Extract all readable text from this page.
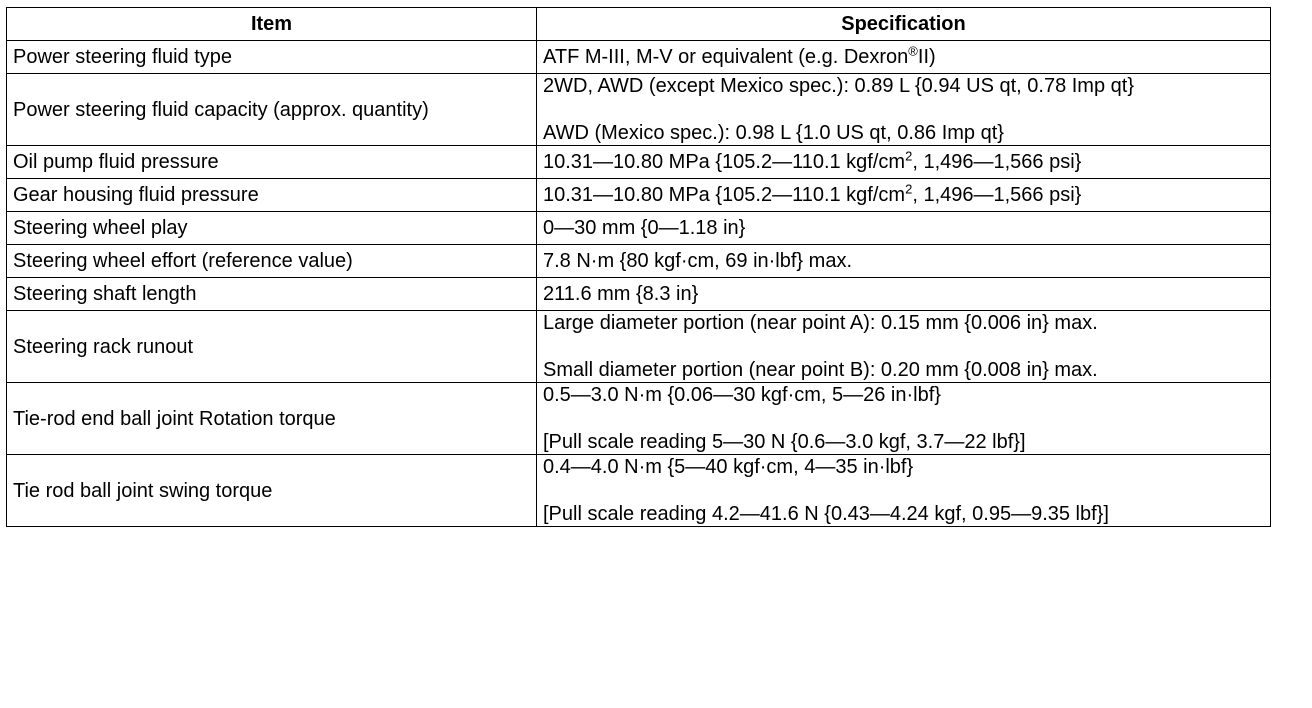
Item	Specification
Power steering fluid type	ATF M-III, M-V or equivalent (e.g. Dexron®II)

Power steering fluid capacity (approx. quantity)	2WD, AWD (except Mexico spec.): 0.89 L {0.94 US qt, 0.78 Imp qt}
AWD (Mexico spec.): 0.98 L {1.0 US qt, 0.86 Imp qt}

Oil pump fluid pressure	10.31—10.80 MPa {105.2—110.1 kgf/$cm^2$, 1,496—1,566 psi}

Gear housing fluid pressure	10.31—10.80 MPa {105.2—110.1 kgf/$cm^2$, 1,496—1,566 psi}

Steering wheel play	0—30 mm {0—1.18 in}

Steering wheel effort (reference value)	7.8 N·m {80 kgf·cm, 69 in·lbf} max.

Steering shaft length	211.6 mm {8.3 in}

Steering rack runout	Large diameter portion (near point A): 0.15 mm {0.006 in} max.
Small diameter portion (near point B): 0.20 mm {0.008 in} max.

Tie-rod end ball joint Rotation torque	0.5—3.0 N·m {0.06—30 kgf·cm, 5—26 in·lbf}
[Pull scale reading 5—30 N {0.6—3.0 kgf, 3.7—22 lbf}]

Tie rod ball joint swing torque	0.4—4.0 N·m {5—40 kgf·cm, 4—35 in·lbf}
[Pull scale reading 4.2—41.6 N {0.43—4.24 kgf, 0.95—9.35 lbf}]
